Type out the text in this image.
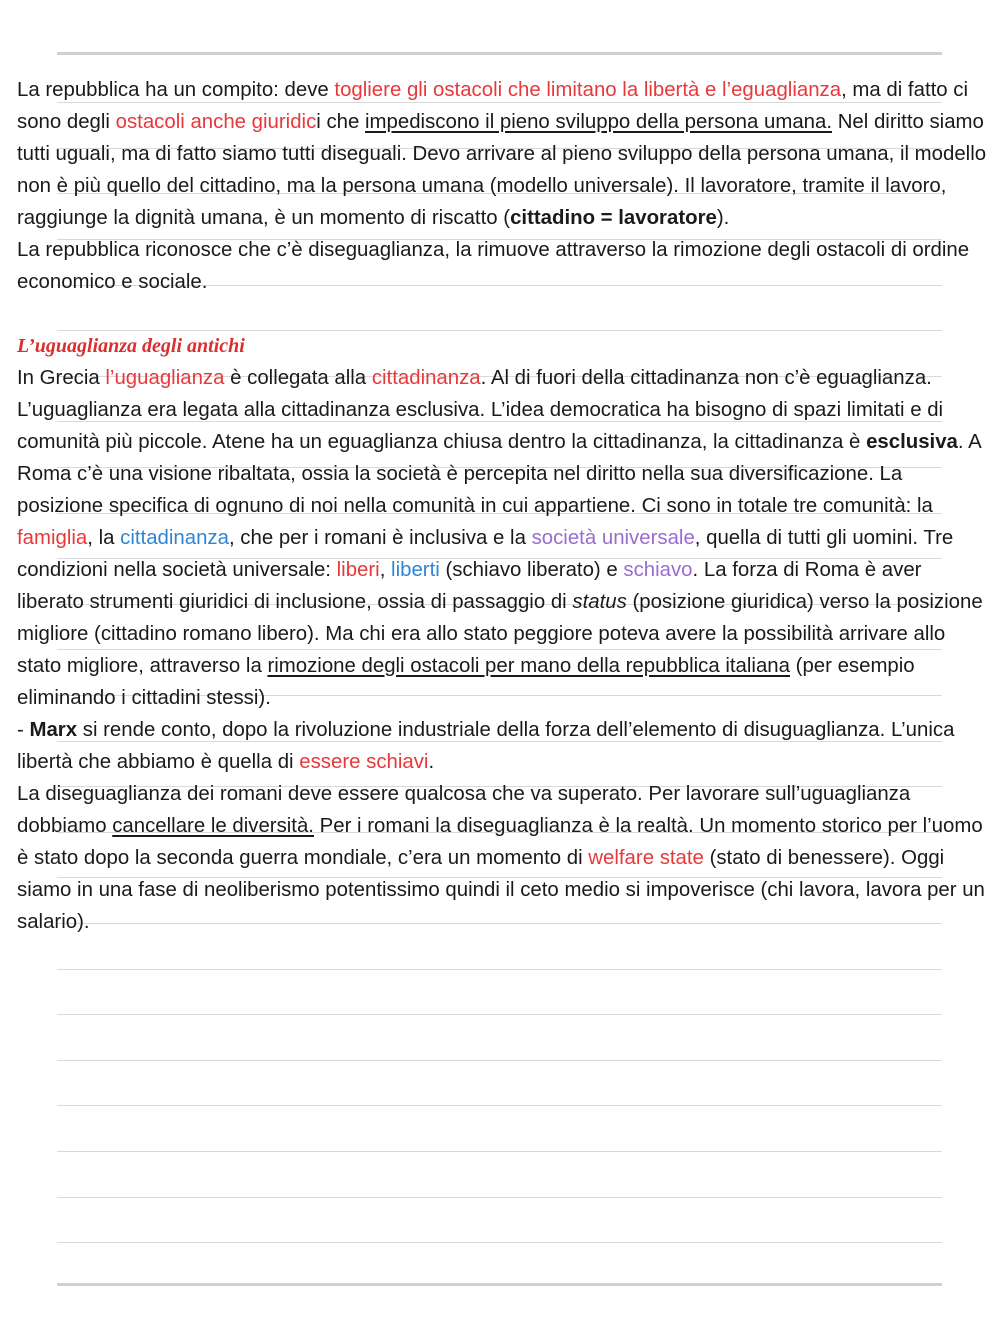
La repubblica ha un compito: deve togliere gli ostacoli che limitano la libertà e l’eguaglianza, ma di fatto ci sono degli ostacoli anche giuridici che impediscono il pieno sviluppo della persona umana. Nel diritto siamo tutti uguali, ma di fatto siamo tutti diseguali. Devo arrivare al pieno sviluppo della persona umana, il modello non è più quello del cittadino, ma la persona umana (modello universale). Il lavoratore, tramite il lavoro, raggiunge la dignità umana, è un momento di riscatto (cittadino = lavoratore).

La repubblica riconosce che c’è diseguaglianza, la rimuove attraverso la rimozione degli ostacoli di ordine economico e sociale.

L’uguaglianza degli antichi

In Grecia l’uguaglianza è collegata alla cittadinanza. Al di fuori della cittadinanza non c’è eguaglianza. L’uguaglianza era legata alla cittadinanza esclusiva. L’idea democratica ha bisogno di spazi limitati e di comunità più piccole. Atene ha un eguaglianza chiusa dentro la cittadinanza, la cittadinanza è esclusiva. A Roma c’è una visione ribaltata, ossia la società è percepita nel diritto nella sua diversificazione. La posizione specifica di ognuno di noi nella comunità in cui appartiene. Ci sono in totale tre comunità: la famiglia, la cittadinanza, che per i romani è inclusiva e la società universale, quella di tutti gli uomini. Tre condizioni nella società universale: liberi, liberti (schiavo liberato) e schiavo. La forza di Roma è aver liberato strumenti giuridici di inclusione, ossia di passaggio di status (posizione giuridica) verso la posizione migliore (cittadino romano libero). Ma chi era allo stato peggiore poteva avere la possibilità arrivare allo stato migliore, attraverso la rimozione degli ostacoli per mano della repubblica italiana (per esempio eliminando i cittadini stessi).

- Marx si rende conto, dopo la rivoluzione industriale della forza dell’elemento di disuguaglianza. L’unica libertà che abbiamo è quella di essere schiavi.

La diseguaglianza dei romani deve essere qualcosa che va superato. Per lavorare sull’uguaglianza dobbiamo cancellare le diversità. Per i romani la diseguaglianza è la realtà. Un momento storico per l’uomo è stato dopo la seconda guerra mondiale, c’era un momento di welfare state (stato di benessere). Oggi siamo in una fase di neoliberismo potentissimo quindi il ceto medio si impoverisce (chi lavora, lavora per un salario).
